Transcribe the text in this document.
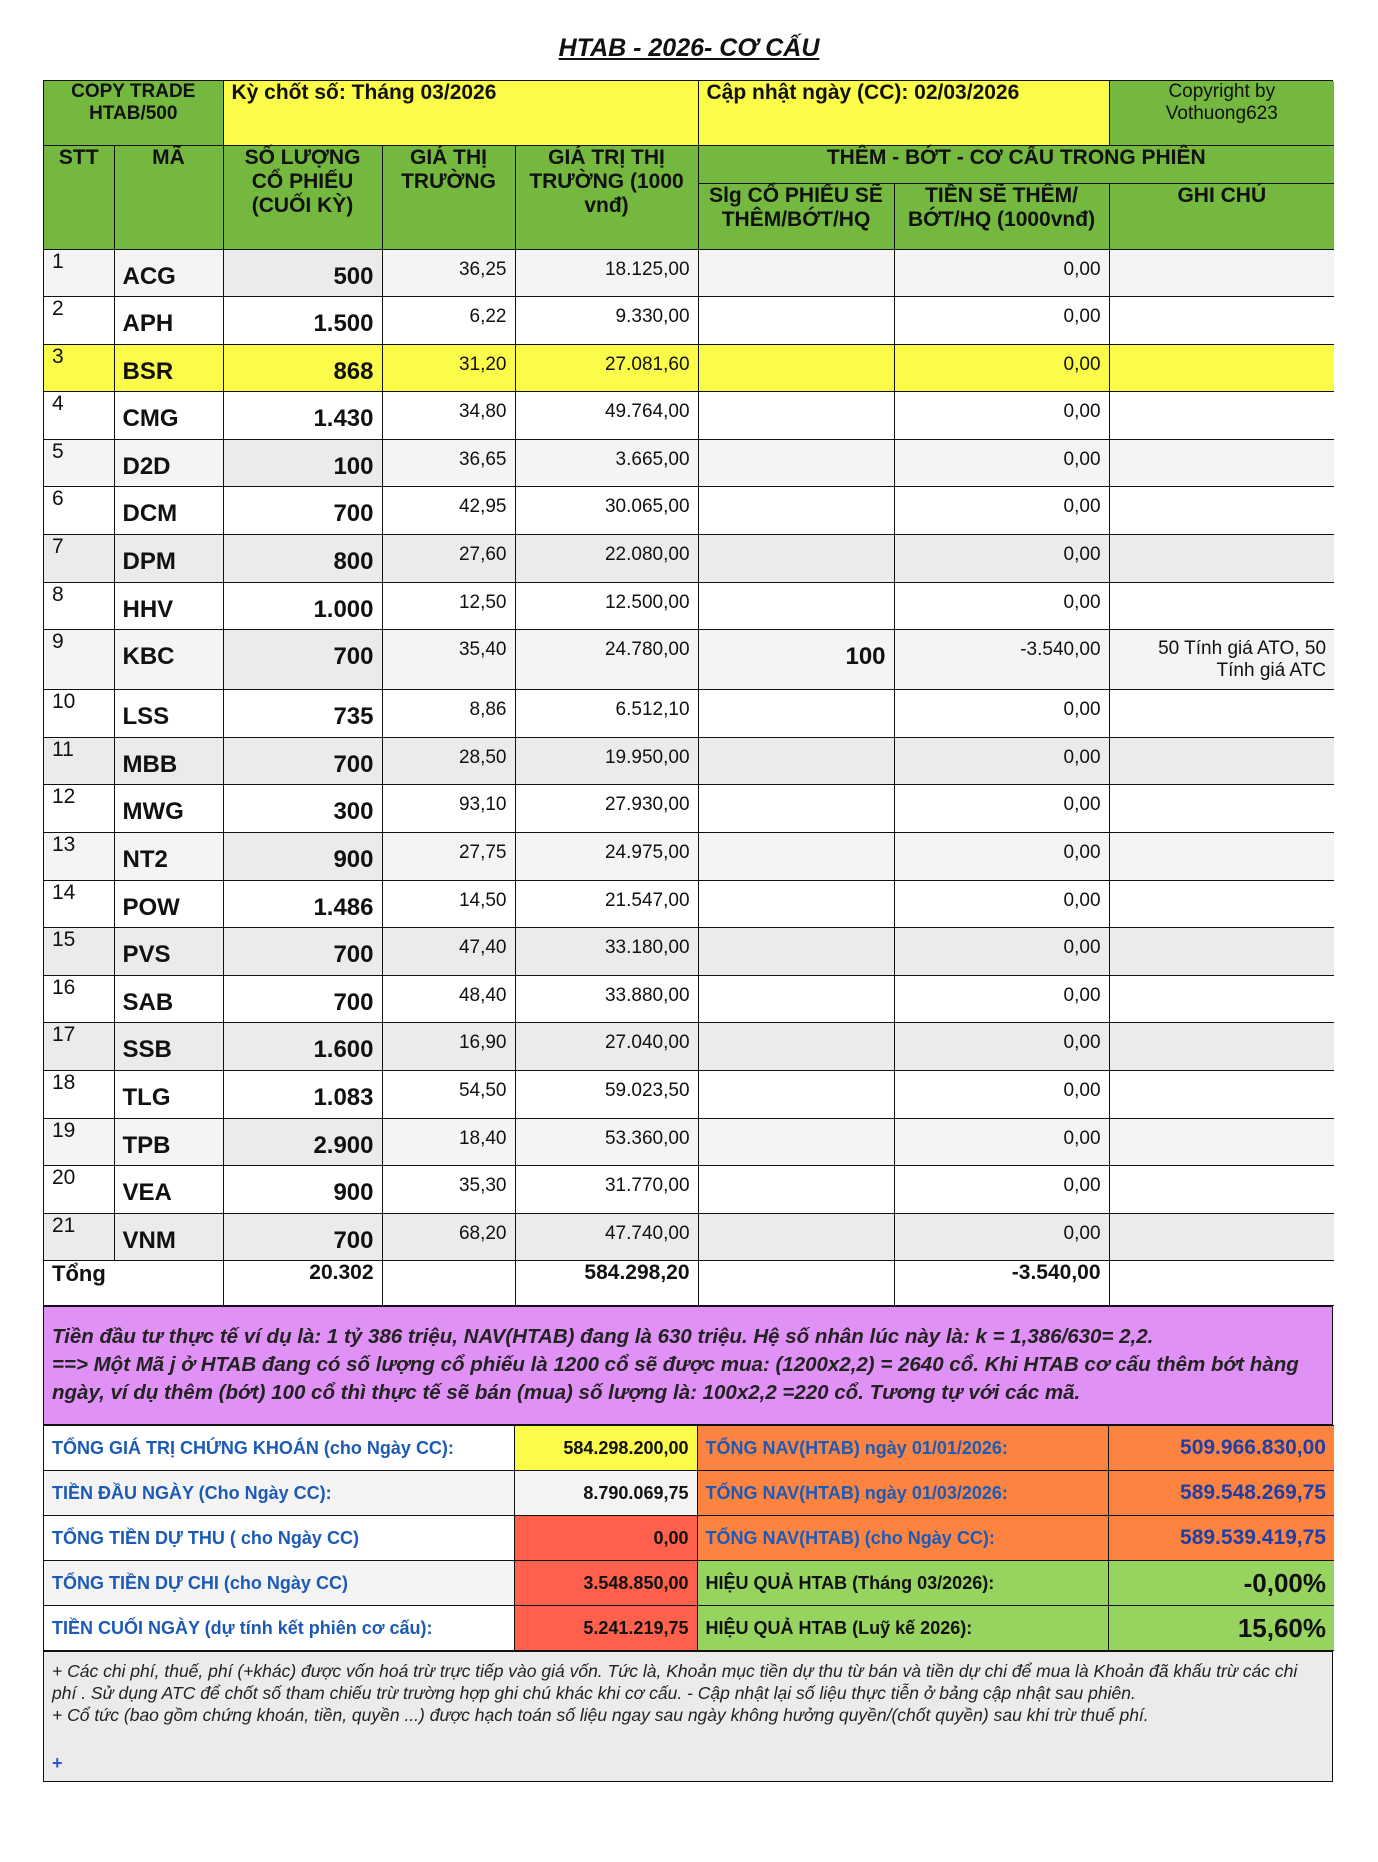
HTAB - 2026- CƠ CẤU
COPY TRADE HTAB/500		Kỳ chốt số: Tháng 03/2026			Cập nhật ngày (CC): 02/03/2026		Copyright by Vothuong623
STT	MÃ	SỐ LƯỢNG CỔ PHIẾU (CUỐI KỲ)	GIÁ THỊ TRƯỜNG	GIÁ TRỊ THỊ TRƯỜNG (1000 vnđ)	THÊM - BỚT - CƠ CẤU TRONG PHIÊN		
					Slg CỔ PHIẾU SẼ THÊM/BỚT/HQ	TIỀN SẼ THÊM/ BỚT/HQ (1000vnđ)	GHI CHÚ
1	ACG	500	36,25	18.125,00		0,00	
2	APH	1.500	6,22	9.330,00		0,00	
3	BSR	868	31,20	27.081,60		0,00	
4	CMG	1.430	34,80	49.764,00		0,00	
5	D2D	100	36,65	3.665,00		0,00	
6	DCM	700	42,95	30.065,00		0,00	
7	DPM	800	27,60	22.080,00		0,00	
8	HHV	1.000	12,50	12.500,00		0,00	
9	KBC	700	35,40	24.780,00	100	-3.540,00	50 Tính giá ATO, 50 Tính giá ATC
10	LSS	735	8,86	6.512,10		0,00	
11	MBB	700	28,50	19.950,00		0,00	
12	MWG	300	93,10	27.930,00		0,00	
13	NT2	900	27,75	24.975,00		0,00	
14	POW	1.486	14,50	21.547,00		0,00	
15	PVS	700	47,40	33.180,00		0,00	
16	SAB	700	48,40	33.880,00		0,00	
17	SSB	1.600	16,90	27.040,00		0,00	
18	TLG	1.083	54,50	59.023,50		0,00	
19	TPB	2.900	18,40	53.360,00		0,00	
20	VEA	900	35,30	31.770,00		0,00	
21	VNM	700	68,20	47.740,00		0,00	
Tổng		20.302		584.298,20		-3.540,00	
Tiền đầu tư thực tế ví dụ là: 1 tỷ 386 triệu, NAV(HTAB) đang là 630 triệu. Hệ số nhân lúc này là: k = 1,386/630= 2,2.
==> Một Mã j ở HTAB đang có số lượng cổ phiếu là 1200 cổ sẽ được mua: (1200x2,2) = 2640 cổ. Khi HTAB cơ cấu thêm bớt hàng ngày, ví dụ thêm (bớt) 100 cổ thì thực tế sẽ bán (mua) số lượng là: 100x2,2 =220 cổ. Tương tự với các mã.
TỔNG GIÁ TRỊ CHỨNG KHOÁN (cho Ngày CC):	584.298.200,00	TỔNG NAV(HTAB) ngày 01/01/2026:	509.966.830,00
TIỀN ĐẦU NGÀY (Cho Ngày CC):	8.790.069,75	TỔNG NAV(HTAB) ngày 01/03/2026:	589.548.269,75
TỔNG TIỀN DỰ THU ( cho Ngày CC)	0,00	TỔNG NAV(HTAB) (cho Ngày CC):	589.539.419,75
TỔNG TIỀN DỰ CHI (cho Ngày CC)	3.548.850,00	HIỆU QUẢ HTAB (Tháng 03/2026):	-0,00%
TIỀN CUỐI NGÀY (dự tính kết phiên cơ cấu):	5.241.219,75	HIỆU QUẢ HTAB (Luỹ kế 2026):	15,60%
+ Các chi phí, thuế, phí (+khác) được vốn hoá trừ trực tiếp vào giá vốn. Tức là, Khoản mục tiền dự thu từ bán và tiền dự chi để mua là Khoản đã khấu trừ các chi phí . Sử dụng ATC để chốt số tham chiếu trừ trường hợp ghi chú khác khi cơ cấu. - Cập nhật lại số liệu thực tiễn ở bảng cập nhật sau phiên.
+ Cổ tức (bao gồm chứng khoán, tiền, quyền ...) được hạch toán số liệu ngay sau ngày không hưởng quyền/(chốt quyền) sau khi trừ thuế phí.
+
